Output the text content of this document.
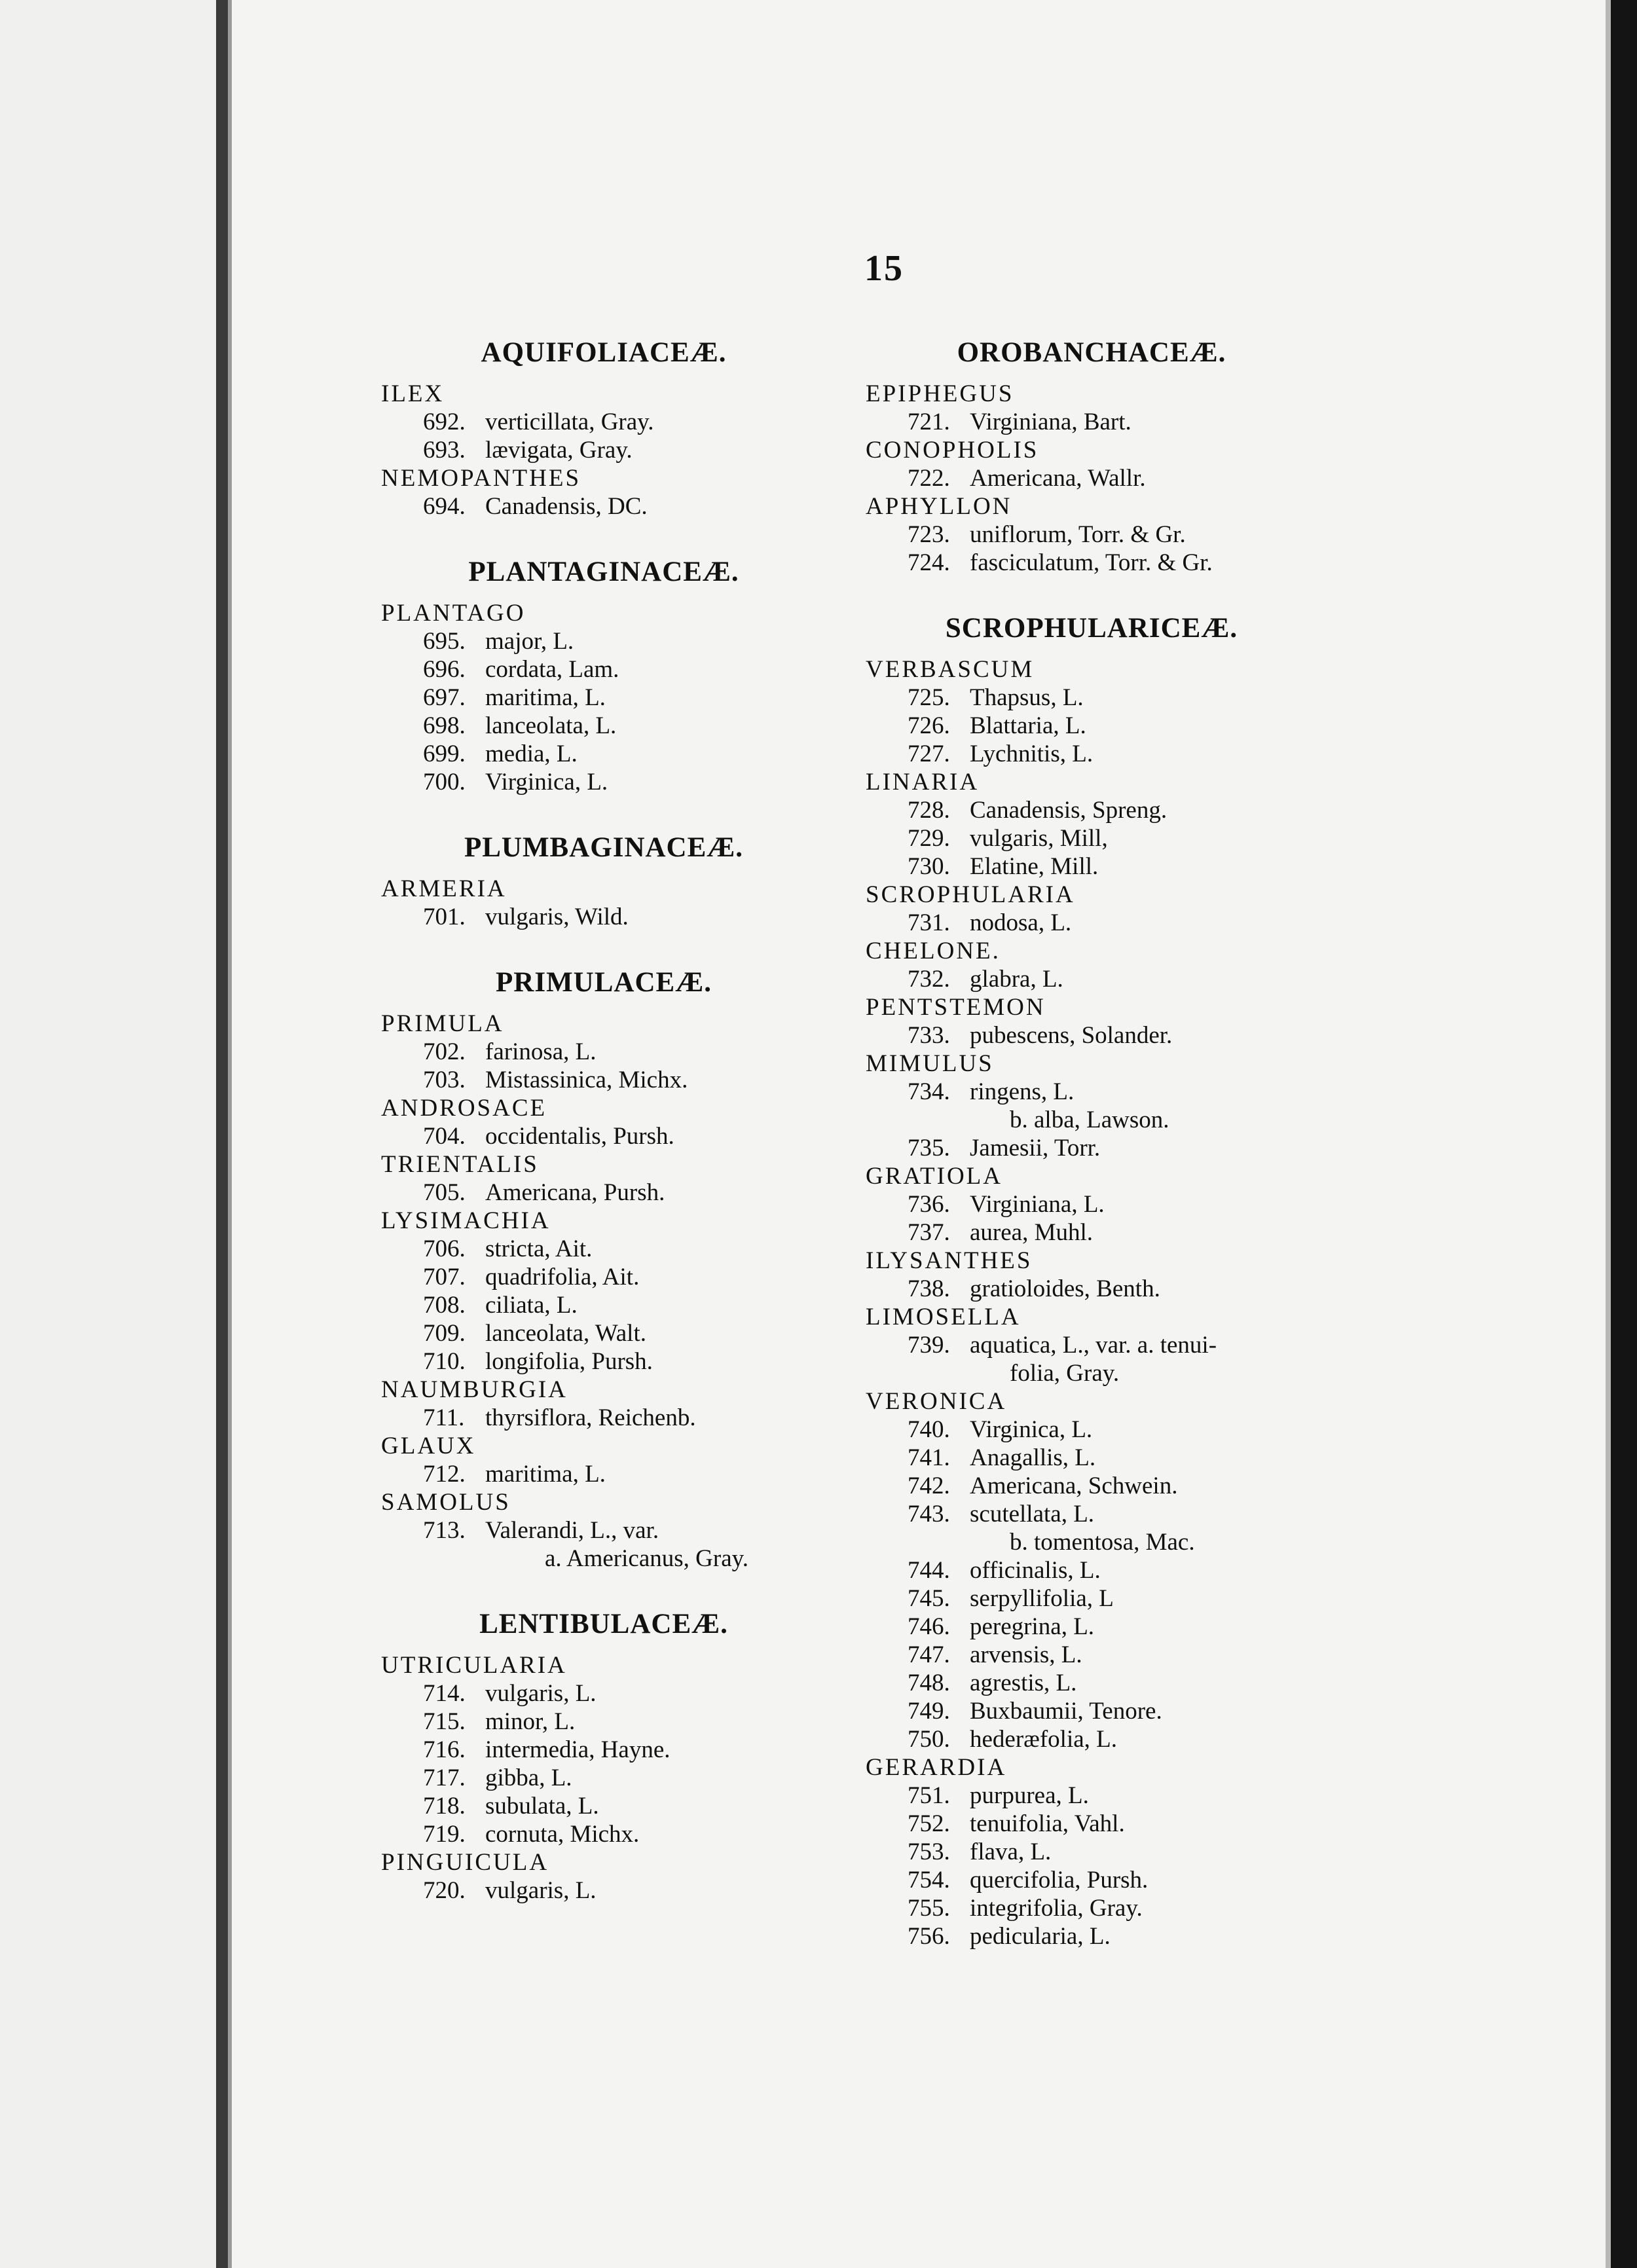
15
AQUIFOLIACEÆ.
ILEX
692. verticillata, Gray.
693. lævigata, Gray.
NEMOPANTHES
694. Canadensis, DC.
PLANTAGINACEÆ.
PLANTAGO
695. major, L.
696. cordata, Lam.
697. maritima, L.
698. lanceolata, L.
699. media, L.
700. Virginica, L.
PLUMBAGINACEÆ.
ARMERIA
701. vulgaris, Wild.
PRIMULACEÆ.
PRIMULA
702. farinosa, L.
703. Mistassinica, Michx.
ANDROSACE
704. occidentalis, Pursh.
TRIENTALIS
705. Americana, Pursh.
LYSIMACHIA
706. stricta, Ait.
707. quadrifolia, Ait.
708. ciliata, L.
709. lanceolata, Walt.
710. longifolia, Pursh.
NAUMBURGIA
711. thyrsiflora, Reichenb.
GLAUX
712. maritima, L.
SAMOLUS
713. Valerandi, L., var.
a. Americanus, Gray.
LENTIBULACEÆ.
UTRICULARIA
714. vulgaris, L.
715. minor, L.
716. intermedia, Hayne.
717. gibba, L.
718. subulata, L.
719. cornuta, Michx.
PINGUICULA
720. vulgaris, L.
OROBANCHACEÆ.
EPIPHEGUS
721. Virginiana, Bart.
CONOPHOLIS
722. Americana, Wallr.
APHYLLON
723. uniflorum, Torr. & Gr.
724. fasciculatum, Torr. & Gr.
SCROPHULARICEÆ.
VERBASCUM
725. Thapsus, L.
726. Blattaria, L.
727. Lychnitis, L.
LINARIA
728. Canadensis, Spreng.
729. vulgaris, Mill,
730. Elatine, Mill.
SCROPHULARIA
731. nodosa, L.
CHELONE.
732. glabra, L.
PENTSTEMON
733. pubescens, Solander.
MIMULUS
734. ringens, L.
b. alba, Lawson.
735. Jamesii, Torr.
GRATIOLA
736. Virginiana, L.
737. aurea, Muhl.
ILYSANTHES
738. gratioloides, Benth.
LIMOSELLA
739. aquatica, L., var. a. tenui-
folia, Gray.
VERONICA
740. Virginica, L.
741. Anagallis, L.
742. Americana, Schwein.
743. scutellata, L.
b. tomentosa, Mac.
744. officinalis, L.
745. serpyllifolia, L
746. peregrina, L.
747. arvensis, L.
748. agrestis, L.
749. Buxbaumii, Tenore.
750. hederæfolia, L.
GERARDIA
751. purpurea, L.
752. tenuifolia, Vahl.
753. flava, L.
754. quercifolia, Pursh.
755. integrifolia, Gray.
756. pedicularia, L.
